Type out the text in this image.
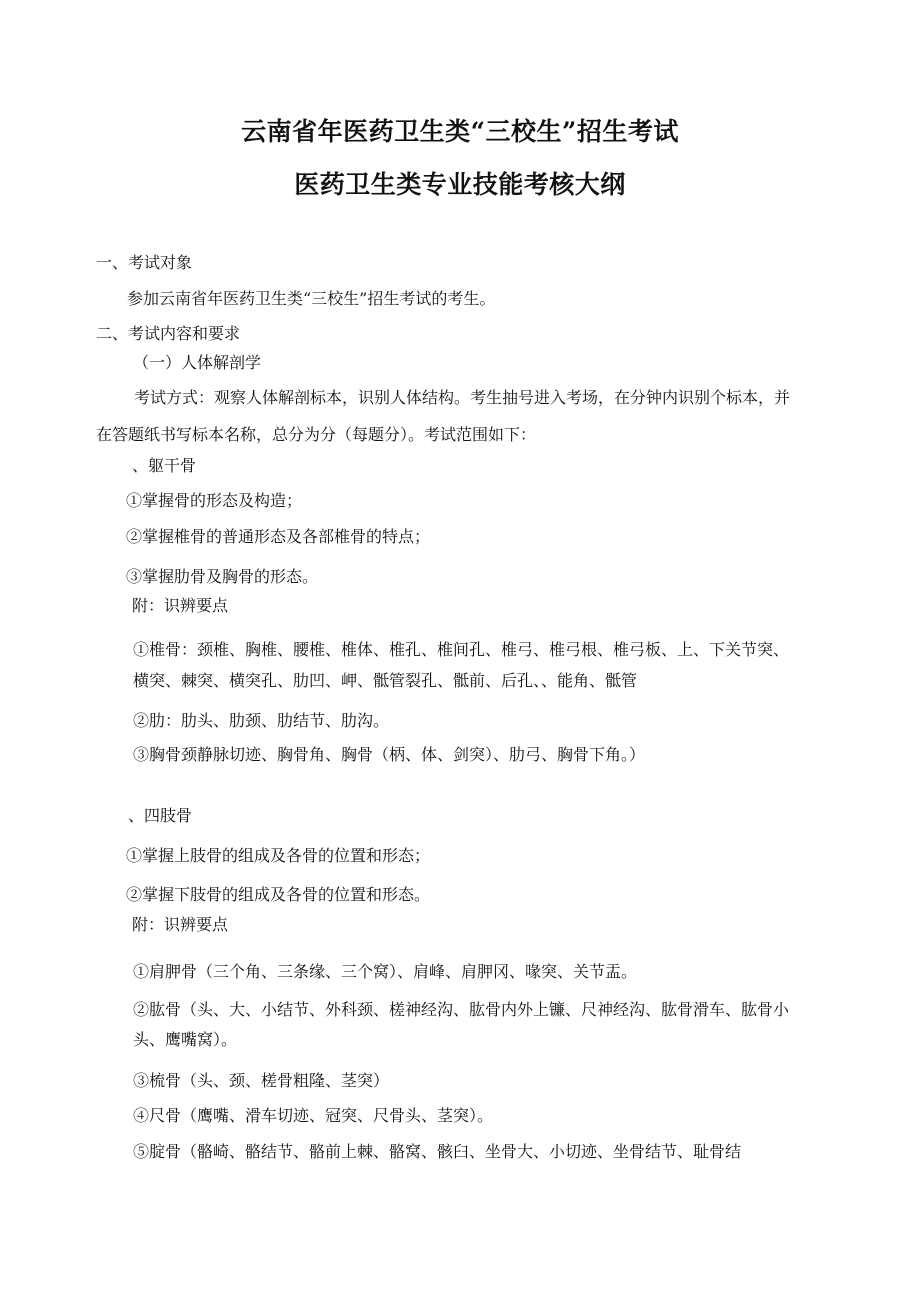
云南省年医药卫生类“三校生”招生考试
医药卫生类专业技能考核大纲

一、考试对象

参加云南省年医药卫生类“三校生”招生考试的考生。

二、考试内容和要求

（一）人体解剖学

考试方式：观察人体解剖标本，识别人体结构。考生抽号进入考场，在分钟内识别个标本，并

在答题纸书写标本名称，总分为分（每题分）。考试范围如下：

、躯干骨

①掌握骨的形态及构造；

②掌握椎骨的普通形态及各部椎骨的特点；

③掌握肋骨及胸骨的形态。

附：识辨要点

①椎骨：颈椎、胸椎、腰椎、椎体、椎孔、椎间孔、椎弓、椎弓根、椎弓板、上、下关节突、

横突、棘突、横突孔、肋凹、岬、骶管裂孔、骶前、后孔、、能角、骶管

②肋：肋头、肋颈、肋结节、肋沟。

③胸骨颈静脉切迹、胸骨角、胸骨（柄、体、剑突）、肋弓、胸骨下角。）

、四肢骨

①掌握上肢骨的组成及各骨的位置和形态；

②掌握下肢骨的组成及各骨的位置和形态。

附：识辨要点

①肩胛骨（三个角、三条缘、三个窝）、肩峰、肩胛冈、喙突、关节盂。

②肱骨（头、大、小结节、外科颈、槎神经沟、肱骨内外上镰、尺神经沟、肱骨滑车、肱骨小

头、鹰嘴窝）。

③梳骨（头、颈、槎骨粗隆、茎突）

④尺骨（鹰嘴、滑车切迹、冠突、尺骨头、茎突）。

⑤腚骨（骼崎、骼结节、骼前上棘、骼窝、骸臼、坐骨大、小切迹、坐骨结节、耻骨结
